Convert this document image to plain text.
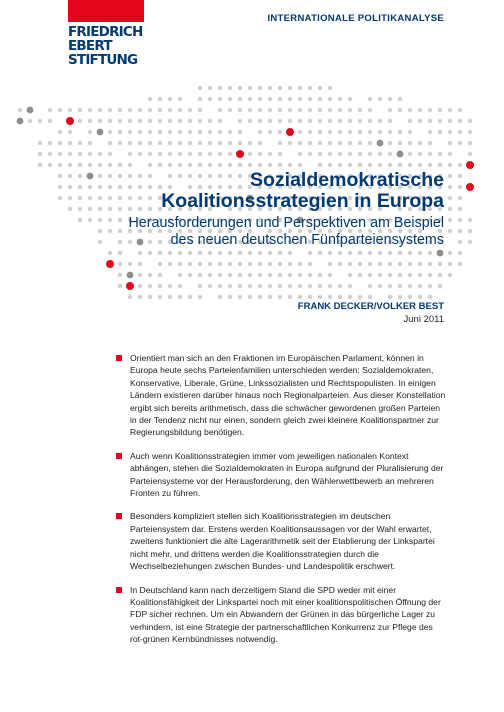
FRIEDRICH
EBERT
STIFTUNG
INTERNATIONALE POLITIKANALYSE
Sozialdemokratische
Koalitionsstrategien in Europa
Herausforderungen und Perspektiven am Beispiel
des neuen deutschen Fünfparteiensystems
FRANK DECKER/VOLKER BEST
Juni 2011
Orientiert man sich an den Fraktionen im Europäischen Parlament, können in Europa heute sechs Parteienfamilien unterschieden werden: Sozialdemokraten, Konservative, Liberale, Grüne, Linkssozialisten und Rechtspopulisten. In einigen Ländern existieren darüber hinaus noch Regionalparteien. Aus dieser Konstellation ergibt sich bereits arithmetisch, dass die schwächer gewordenen großen Parteien in der Tendenz nicht nur einen, sondern gleich zwei kleinere Koalitionspartner zur Regierungsbildung benötigen.
Auch wenn Koalitionsstrategien immer vom jeweiligen nationalen Kontext abhängen, stehen die Sozialdemokraten in Europa aufgrund der Pluralisierung der Parteiensysteme vor der Herausforderung, den Wählerwettbewerb an mehreren Fronten zu führen.
Besonders kompliziert stellen sich Koalitionsstrategien im deutschen Parteiensystem dar. Erstens werden Koalitionsaussagen vor der Wahl erwartet, zweitens funktioniert die alte Lagerarithmetik seit der Etablierung der Linkspartei nicht mehr, und drittens werden die Koalitionsstrategien durch die Wechselbeziehungen zwischen Bundes- und Landespolitik erschwert.
In Deutschland kann nach derzeitigem Stand die SPD weder mit einer Koalitionsfähigkeit der Linkspartei noch mit einer koalitionspolitischen Öffnung der FDP sicher rechnen. Um ein Abwandern der Grünen in das bürgerliche Lager zu verhindern, ist eine Strategie der partnerschaftlichen Konkurrenz zur Pflege des rot-grünen Kernbündnisses notwendig.
